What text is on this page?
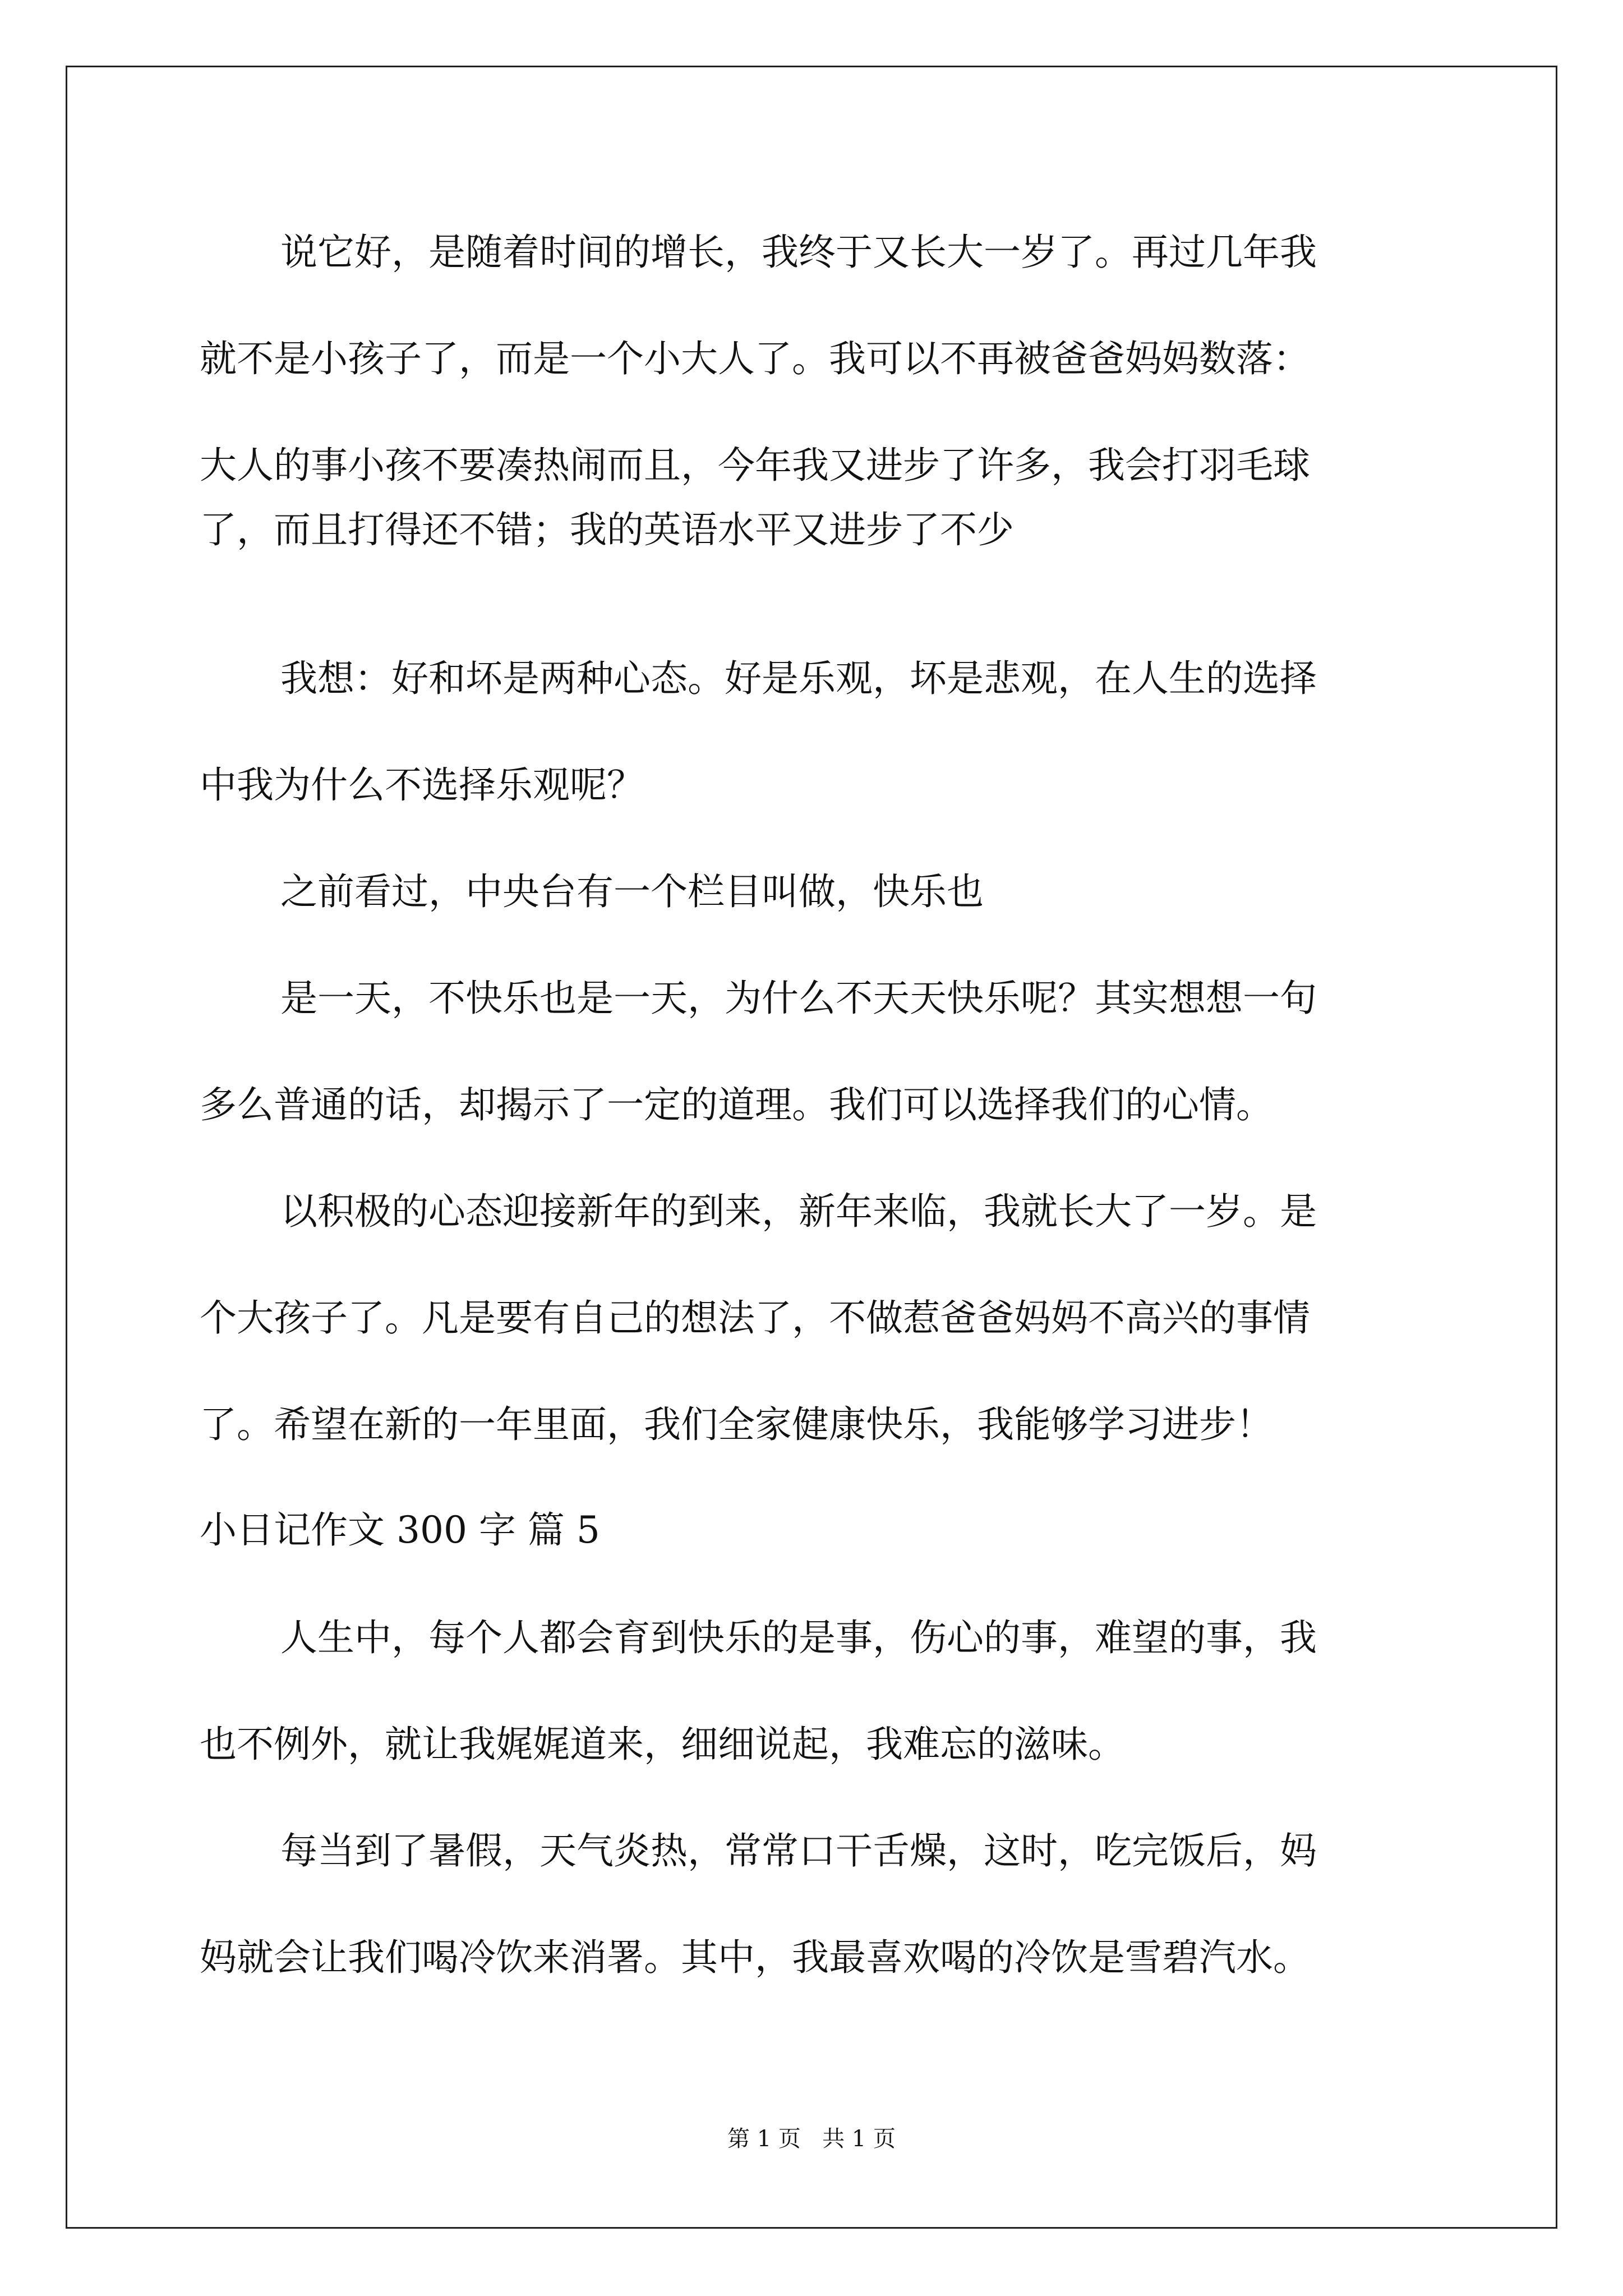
说它好，是随着时间的增长，我终于又长大一岁了。再过几年我
就不是小孩子了，而是一个小大人了。我可以不再被爸爸妈妈数落：
大人的事小孩不要凑热闹而且，今年我又进步了许多，我会打羽毛球
了，而且打得还不错；我的英语水平又进步了不少
我想：好和坏是两种心态。好是乐观，坏是悲观，在人生的选择
中我为什么不选择乐观呢？
之前看过，中央台有一个栏目叫做，快乐也
是一天，不快乐也是一天，为什么不天天快乐呢？其实想想一句
多么普通的话，却揭示了一定的道理。我们可以选择我们的心情。
以积极的心态迎接新年的到来，新年来临，我就长大了一岁。是
个大孩子了。凡是要有自己的想法了，不做惹爸爸妈妈不高兴的事情
了。希望在新的一年里面，我们全家健康快乐，我能够学习进步！
小日记作文 300 字 篇 5
人生中，每个人都会育到快乐的是事，伤心的事，难望的事，我
也不例外，就让我娓娓道来，细细说起，我难忘的滋味。
每当到了暑假，天气炎热，常常口干舌燥，这时，吃完饭后，妈
妈就会让我们喝冷饮来消署。其中，我最喜欢喝的冷饮是雪碧汽水。
第 1 页   共 1 页
